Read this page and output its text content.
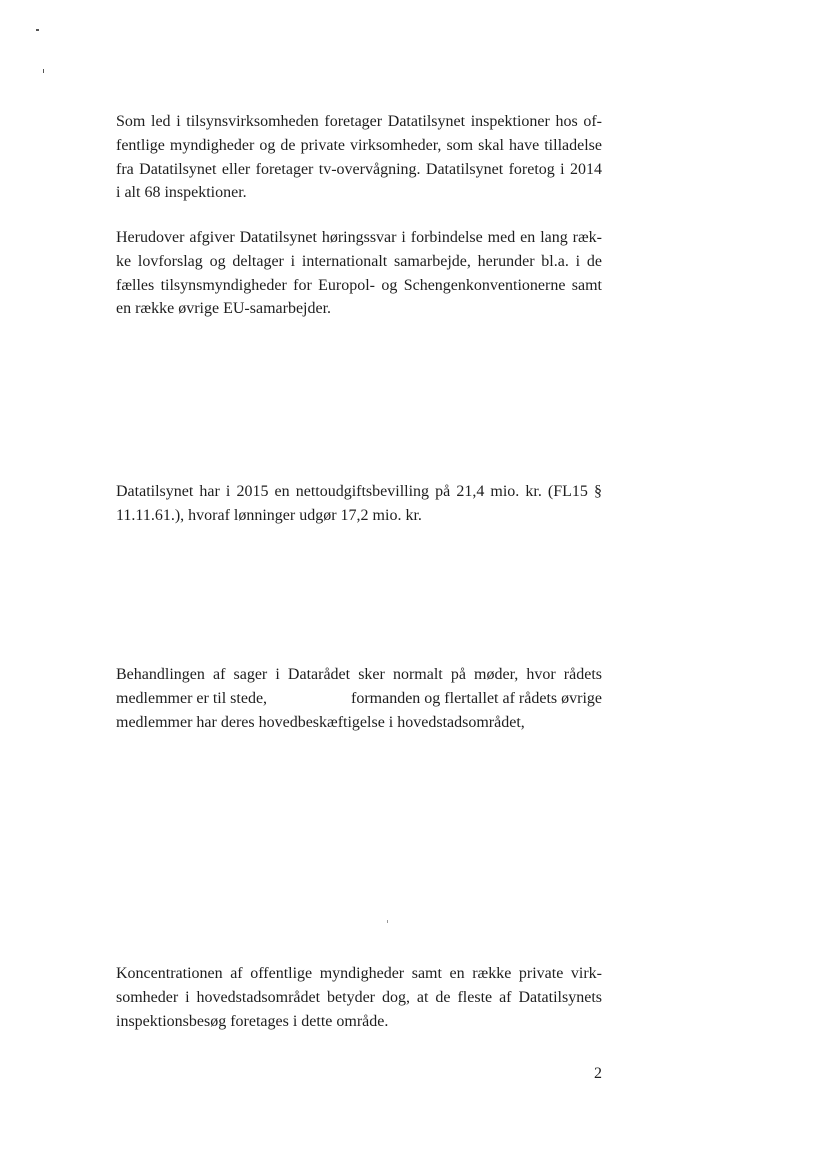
Som led i tilsynsvirksomheden foretager Datatilsynet inspektioner hos of-
fentlige myndigheder og de private virksomheder, som skal have tilladelse
fra Datatilsynet eller foretager tv-overvågning. Datatilsynet foretog i 2014
i alt 68 inspektioner.

Herudover afgiver Datatilsynet høringssvar i forbindelse med en lang ræk-
ke lovforslag og deltager i internationalt samarbejde, herunder bl.a. i de
fælles tilsynsmyndigheder for Europol- og Schengenkonventionerne samt
en række øvrige EU-samarbejder.

Datatilsynet har i 2015 en nettoudgiftsbevilling på 21,4 mio. kr. (FL15 §
11.11.61.), hvoraf lønninger udgør 17,2 mio. kr.

Behandlingen af sager i Datarådet sker normalt på møder, hvor rådets
medlemmer er til stede,	formanden og flertallet af rådets øvrige
medlemmer har deres hovedbeskæftigelse i hovedstadsområdet,

Koncentrationen af offentlige myndigheder samt en række private virk-
somheder i hovedstadsområdet betyder dog, at de fleste af Datatilsynets
inspektionsbesøg foretages i dette område.

2
